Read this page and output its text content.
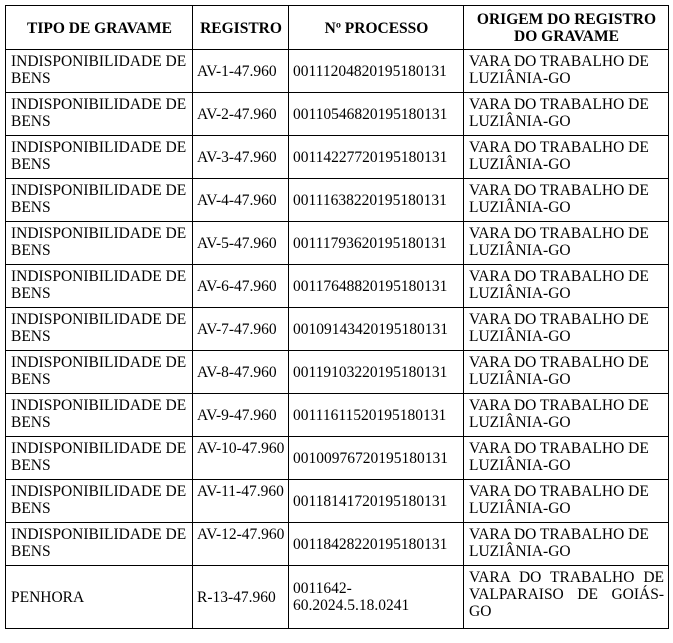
TIPO DE GRAVAME	REGISTRO	Nº PROCESSO	ORIGEM DO REGISTRO DO GRAVAME
INDISPONIBILIDADE DE BENS	AV-1-47.960	00111204820195180131	VARA DO TRABALHO DE LUZIÂNIA-GO
INDISPONIBILIDADE DE BENS	AV-2-47.960	00110546820195180131	VARA DO TRABALHO DE LUZIÂNIA-GO
INDISPONIBILIDADE DE BENS	AV-3-47.960	00114227720195180131	VARA DO TRABALHO DE LUZIÂNIA-GO
INDISPONIBILIDADE DE BENS	AV-4-47.960	00111638220195180131	VARA DO TRABALHO DE LUZIÂNIA-GO
INDISPONIBILIDADE DE BENS	AV-5-47.960	00111793620195180131	VARA DO TRABALHO DE LUZIÂNIA-GO
INDISPONIBILIDADE DE BENS	AV-6-47.960	00117648820195180131	VARA DO TRABALHO DE LUZIÂNIA-GO
INDISPONIBILIDADE DE BENS	AV-7-47.960	00109143420195180131	VARA DO TRABALHO DE LUZIÂNIA-GO
INDISPONIBILIDADE DE BENS	AV-8-47.960	00119103220195180131	VARA DO TRABALHO DE LUZIÂNIA-GO
INDISPONIBILIDADE DE BENS	AV-9-47.960	00111611520195180131	VARA DO TRABALHO DE LUZIÂNIA-GO
INDISPONIBILIDADE DE BENS	AV-10-47.960	00100976720195180131	VARA DO TRABALHO DE LUZIÂNIA-GO
INDISPONIBILIDADE DE BENS	AV-11-47.960	00118141720195180131	VARA DO TRABALHO DE LUZIÂNIA-GO
INDISPONIBILIDADE DE BENS	AV-12-47.960	00118428220195180131	VARA DO TRABALHO DE LUZIÂNIA-GO
PENHORA	R-13-47.960	0011642-60.2024.5.18.0241	VARA DO TRABALHO DE VALPARAISO DE GOIÁS-GO
